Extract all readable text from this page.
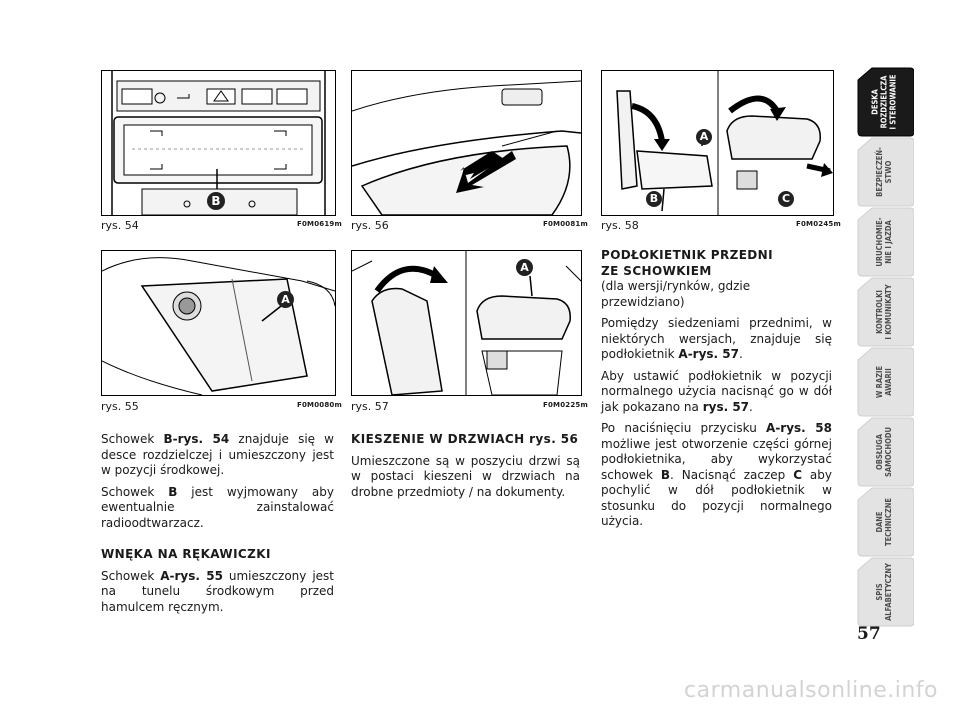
B
rys. 54	F0M0619m
A
rys. 55	F0M0080m
rys. 56	F0M0081m
A
rys. 57	F0M0225m
A
B	C
rys. 58	F0M0245m

Schowek B-rys. 54 znajduje się w desce rozdzielczej i umieszczony jest w pozycji środkowej.

Schowek B jest wyjmowany aby ewentualnie zainstalować radioodtwarzacz.

WNĘKA NA RĘKAWICZKI

Schowek A-rys. 55 umieszczony jest na tunelu środkowym przed hamulcem ręcznym.

KIESZENIE W DRZWIACH rys. 56

Umieszczone są w poszyciu drzwi są w postaci kieszeni w drzwiach na drobne przedmioty / na dokumenty.

PODŁOKIETNIK PRZEDNI
ZE SCHOWKIEM

(dla wersji/rynków, gdzie przewidziano)

Pomiędzy siedzeniami przednimi, w niektórych wersjach, znajduje się podłokietnik A-rys. 57.

Aby ustawić podłokietnik w pozycji normalnego użycia nacisnąć go w dół jak pokazano na rys. 57.

Po naciśnięciu przycisku A-rys. 58 możliwe jest otworzenie części górnej podłokietnika, aby wykorzystać schowek B. Nacisnąć zaczep C aby pochylić w dół podłokietnik w stosunku do pozycji normalnego użycia.

DESKA
ROZDZIELCZA
I STEROWANIE
BEZPIECZEŃ-
STWO
URUCHOMIE-
NIE I JAZDA
KONTROLKI
I KOMUNIKATY
W RAZIE
AWARII
OBSŁUGA
SAMOCHODU
DANE
TECHNICZNE
SPIS
ALFABETYCZNY
57
carmanualsonline.info
